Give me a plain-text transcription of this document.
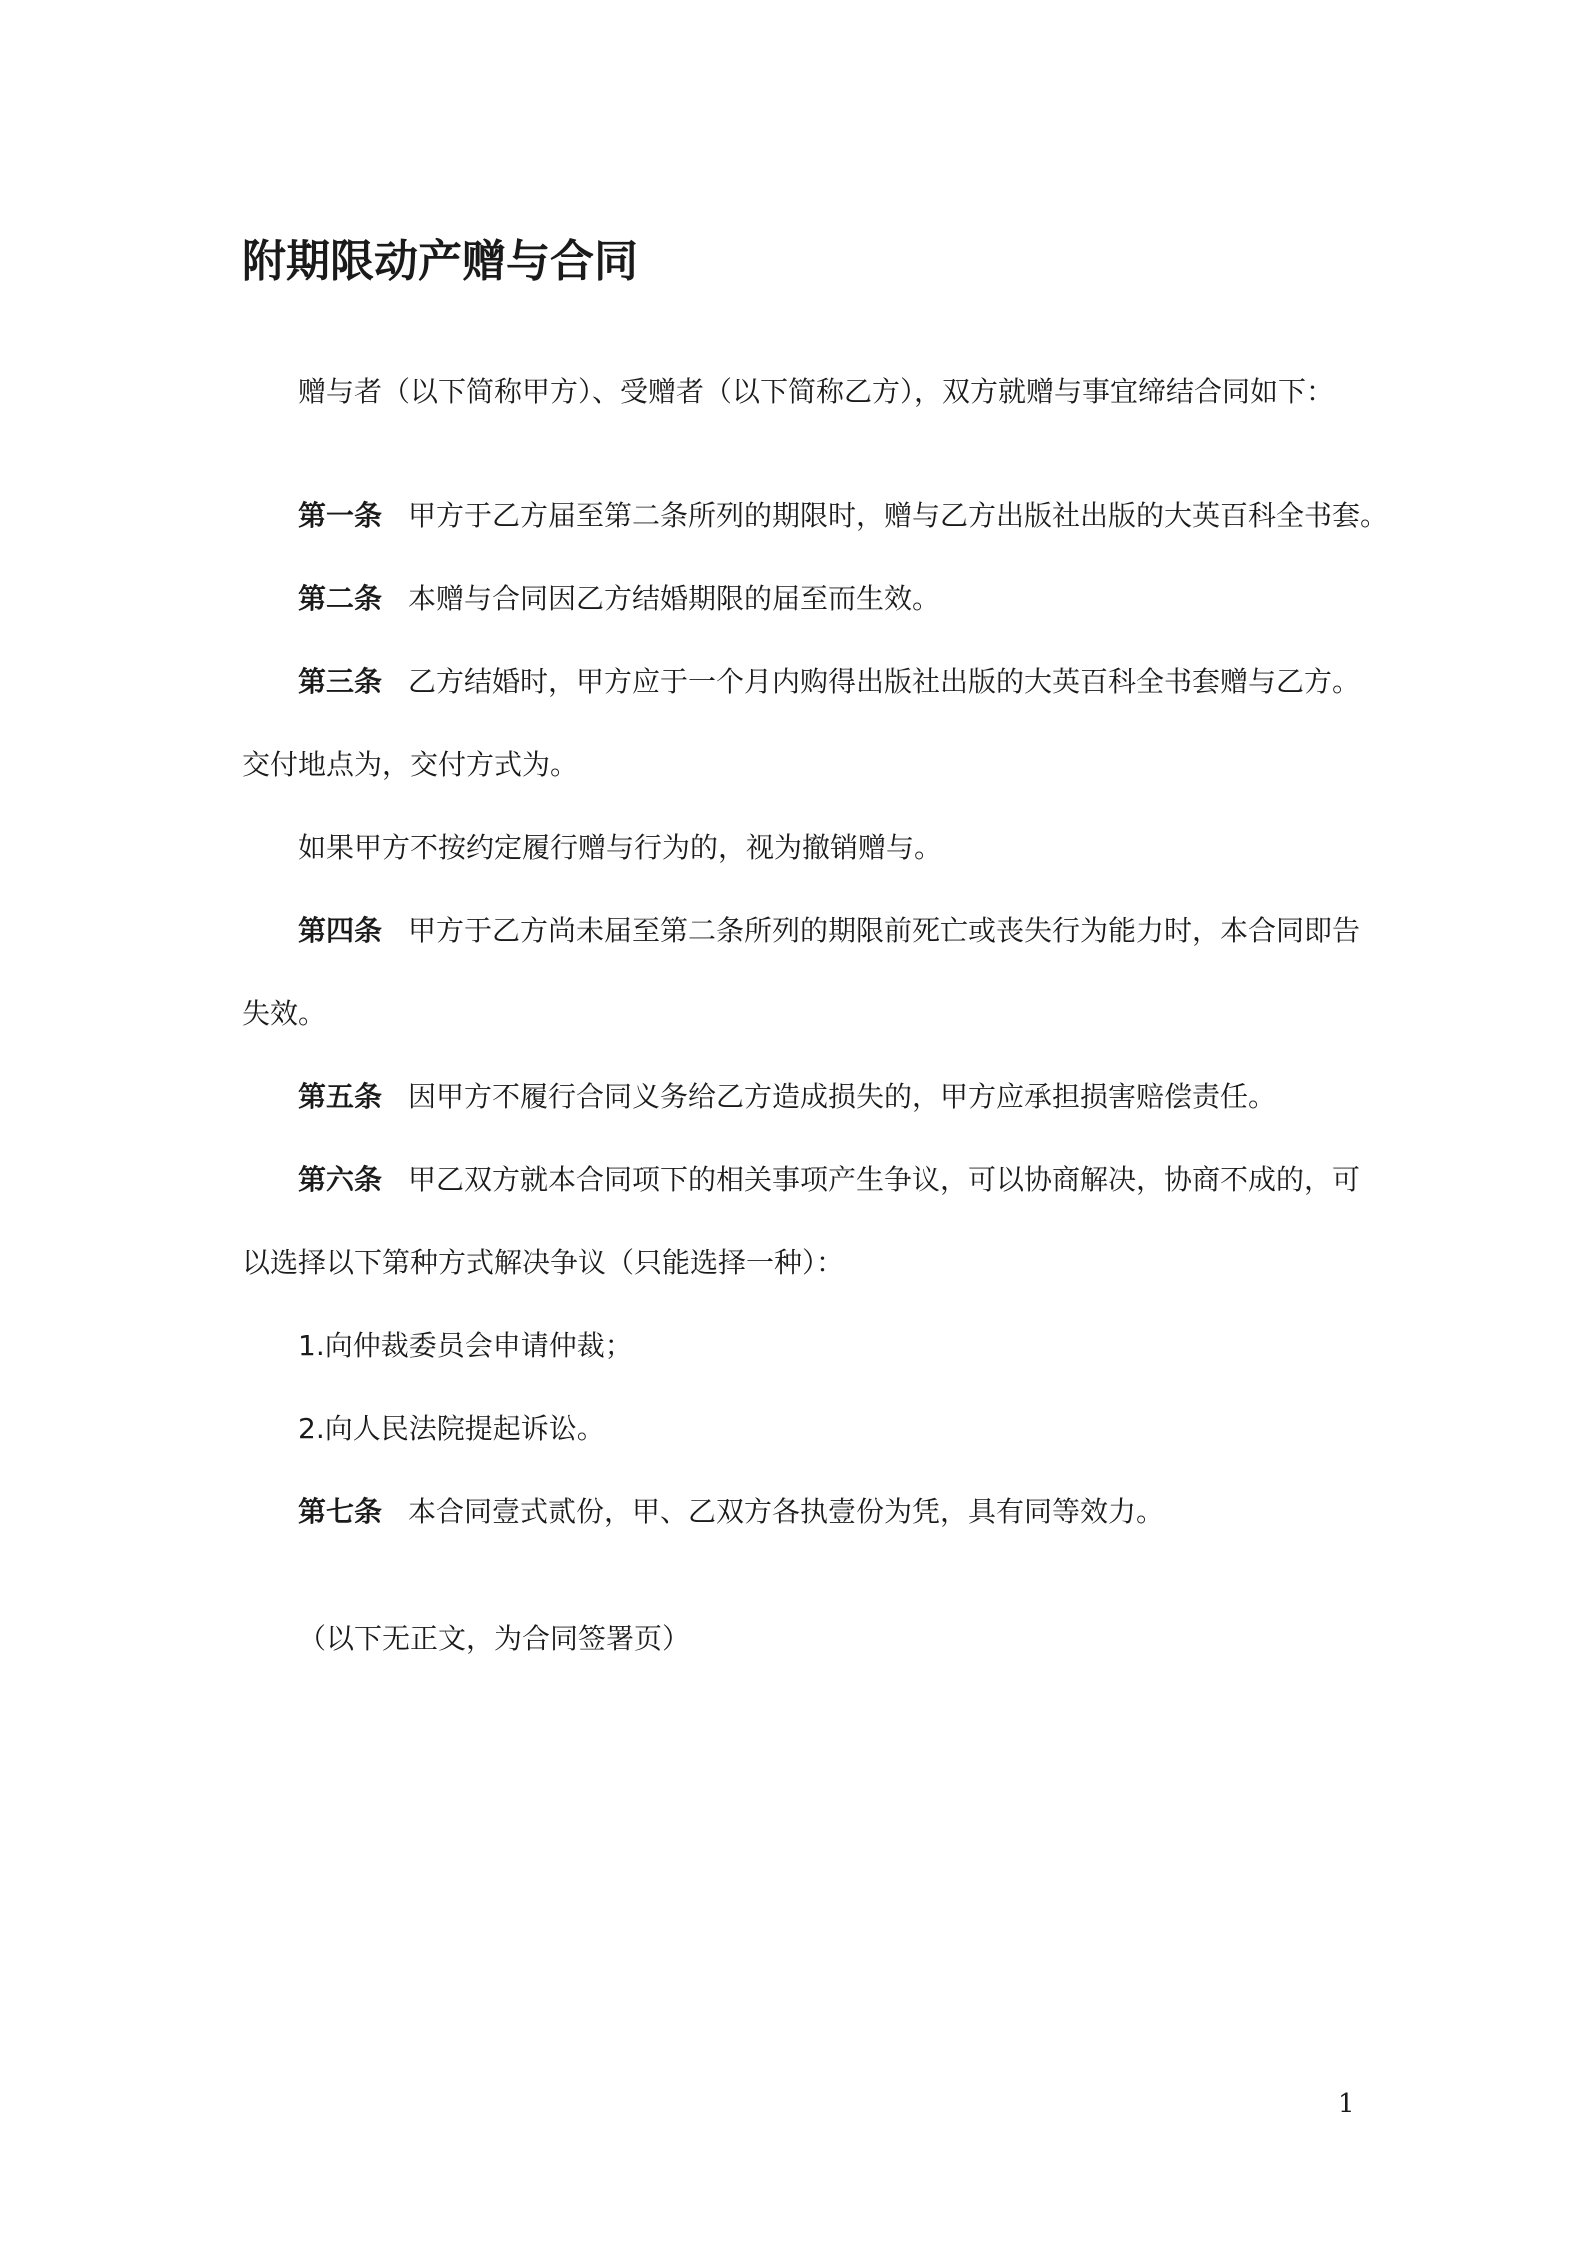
附期限动产赠与合同
赠与者（以下简称甲方）、受赠者（以下简称乙方），双方就赠与事宜缔结合同如下：
第一条 甲方于乙方届至第二条所列的期限时，赠与乙方出版社出版的大英百科全书套。
第二条 本赠与合同因乙方结婚期限的届至而生效。
第三条 乙方结婚时，甲方应于一个月内购得出版社出版的大英百科全书套赠与乙方。
交付地点为，交付方式为。
如果甲方不按约定履行赠与行为的，视为撤销赠与。
第四条 甲方于乙方尚未届至第二条所列的期限前死亡或丧失行为能力时，本合同即告
失效。
第五条 因甲方不履行合同义务给乙方造成损失的，甲方应承担损害赔偿责任。
第六条 甲乙双方就本合同项下的相关事项产生争议，可以协商解决，协商不成的，可
以选择以下第种方式解决争议（只能选择一种）：
1.向仲裁委员会申请仲裁；
2.向人民法院提起诉讼。
第七条 本合同壹式贰份，甲、乙双方各执壹份为凭，具有同等效力。
（以下无正文，为合同签署页）
1
